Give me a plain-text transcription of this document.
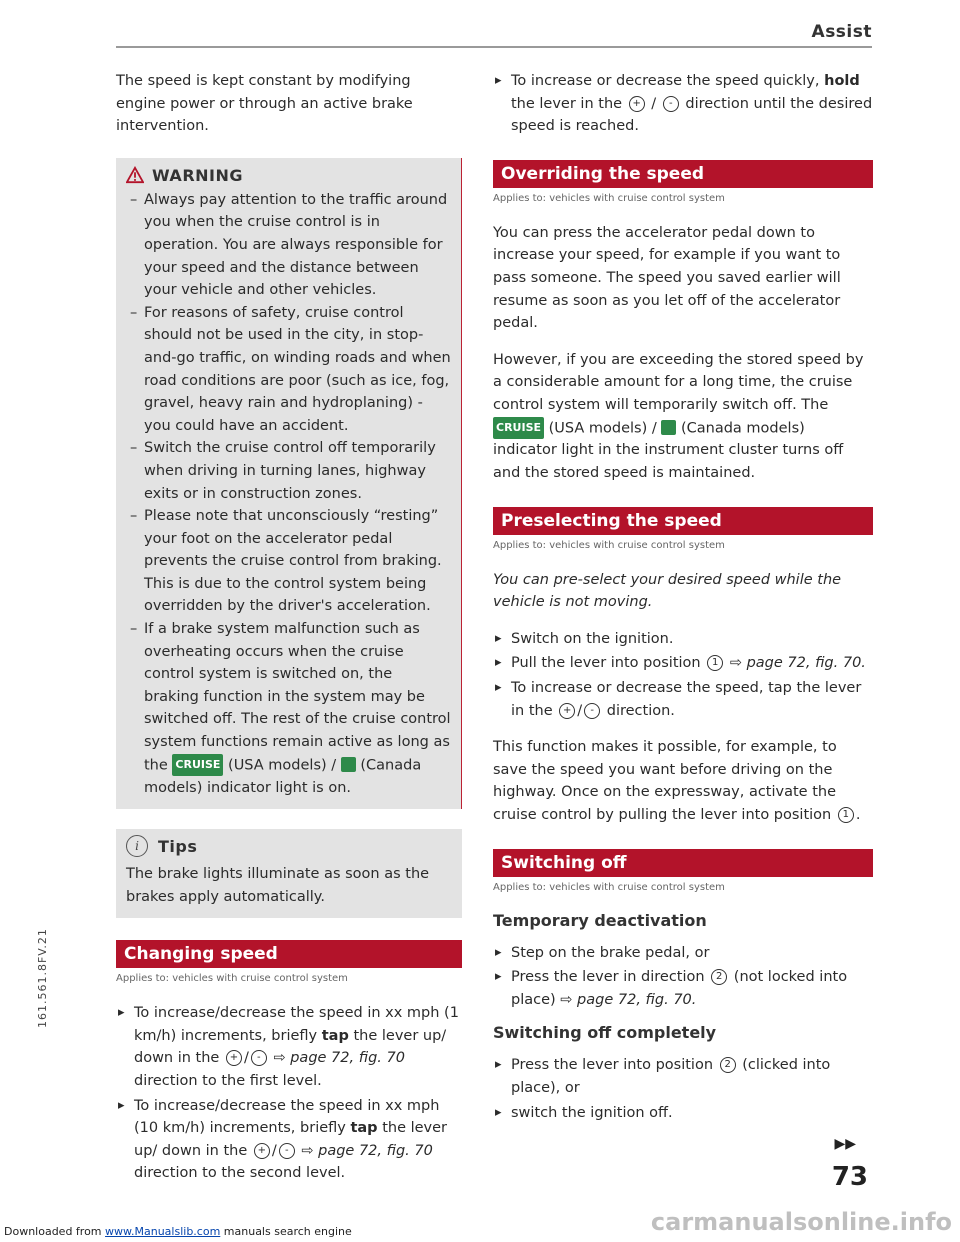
Assist

The speed is kept constant by modifying engine power or through an active brake intervention.

WARNING
– Always pay attention to the traffic around you when the cruise control is in operation. You are always responsible for your speed and the distance between your vehicle and other vehicles.
– For reasons of safety, cruise control should not be used in the city, in stop-and-go traffic, on winding roads and when road conditions are poor (such as ice, fog, gravel, heavy rain and hydroplaning) - you could have an accident.
– Switch the cruise control off temporarily when driving in turning lanes, highway exits or in construction zones.
– Please note that unconsciously “resting” your foot on the accelerator pedal prevents the cruise control from braking. This is due to the control system being overridden by the driver's acceleration.
– If a brake system malfunction such as overheating occurs when the cruise control system is switched on, the braking function in the system may be switched off. The rest of the cruise control system functions remain active as long as the CRUISE (USA models) / (Canada models) indicator light is on.
i	Tips

The brake lights illuminate as soon as the brakes apply automatically.

Changing speed
Applies to: vehicles with cruise control system
▸ To increase/decrease the speed in xx mph (1 km/h) increments, briefly tap the lever up/ down in the + / - ⇨ page 72, fig. 70 direction to the first level.
▸ To increase/decrease the speed in xx mph (10 km/h) increments, briefly tap the lever up/ down in the + / - ⇨ page 72, fig. 70 direction to the second level.
▸ To increase or decrease the speed quickly, hold the lever in the + / - direction until the desired speed is reached.
Overriding the speed
Applies to: vehicles with cruise control system

You can press the accelerator pedal down to increase your speed, for example if you want to pass someone. The speed you saved earlier will resume as soon as you let off of the accelerator pedal.

However, if you are exceeding the stored speed by a considerable amount for a long time, the cruise control system will temporarily switch off. The CRUISE (USA models) / (Canada models) indicator light in the instrument cluster turns off and the stored speed is maintained.

Preselecting the speed
Applies to: vehicles with cruise control system

You can pre-select your desired speed while the vehicle is not moving.

▸ Switch on the ignition.
▸ Pull the lever into position 1 ⇨ page 72, fig. 70.
▸ To increase or decrease the speed, tap the lever in the + / - direction.

This function makes it possible, for example, to save the speed you want before driving on the highway. Once on the expressway, activate the cruise control by pulling the lever into position 1 .

Switching off
Applies to: vehicles with cruise control system
Temporary deactivation
▸ Step on the brake pedal, or
▸ Press the lever in direction 2 (not locked into place) ⇨ page 72, fig. 70.
Switching off completely
▸ Press the lever into position 2 (clicked into place), or
▸ switch the ignition off.
▶▶
161.561.8FV.21
73
Downloaded from www.Manualslib.com manuals search engine	carmanualsonline.info
